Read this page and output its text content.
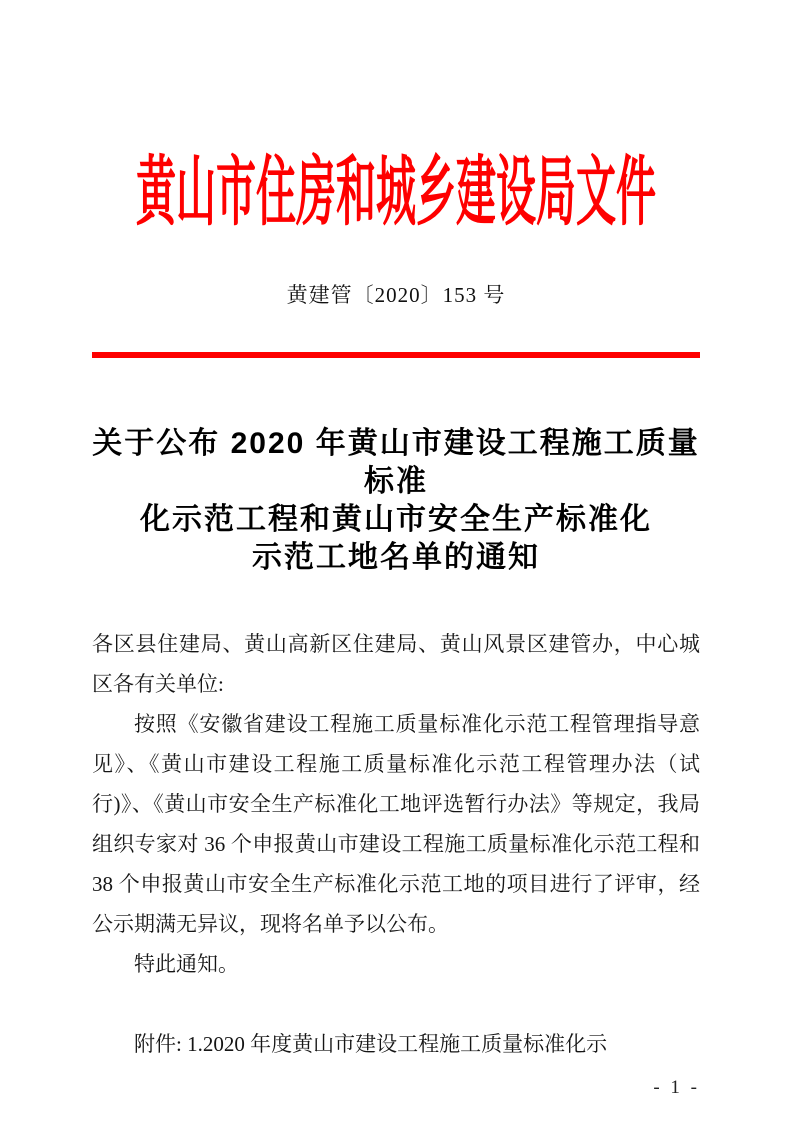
黄山市住房和城乡建设局文件
黄建管〔2020〕153 号
关于公布 2020 年黄山市建设工程施工质量标准
化示范工程和黄山市安全生产标准化
示范工地名单的通知
各区县住建局、黄山高新区住建局、黄山风景区建管办，中心城
区各有关单位:
按照《安徽省建设工程施工质量标准化示范工程管理指导意
见》、《黄山市建设工程施工质量标准化示范工程管理办法（试
行)》、《黄山市安全生产标准化工地评选暂行办法》等规定，我局
组织专家对 36 个申报黄山市建设工程施工质量标准化示范工程和
38 个申报黄山市安全生产标准化示范工地的项目进行了评审，经
公示期满无异议，现将名单予以公布。
特此通知。
附件: 1.2020 年度黄山市建设工程施工质量标准化示
- 1 -
